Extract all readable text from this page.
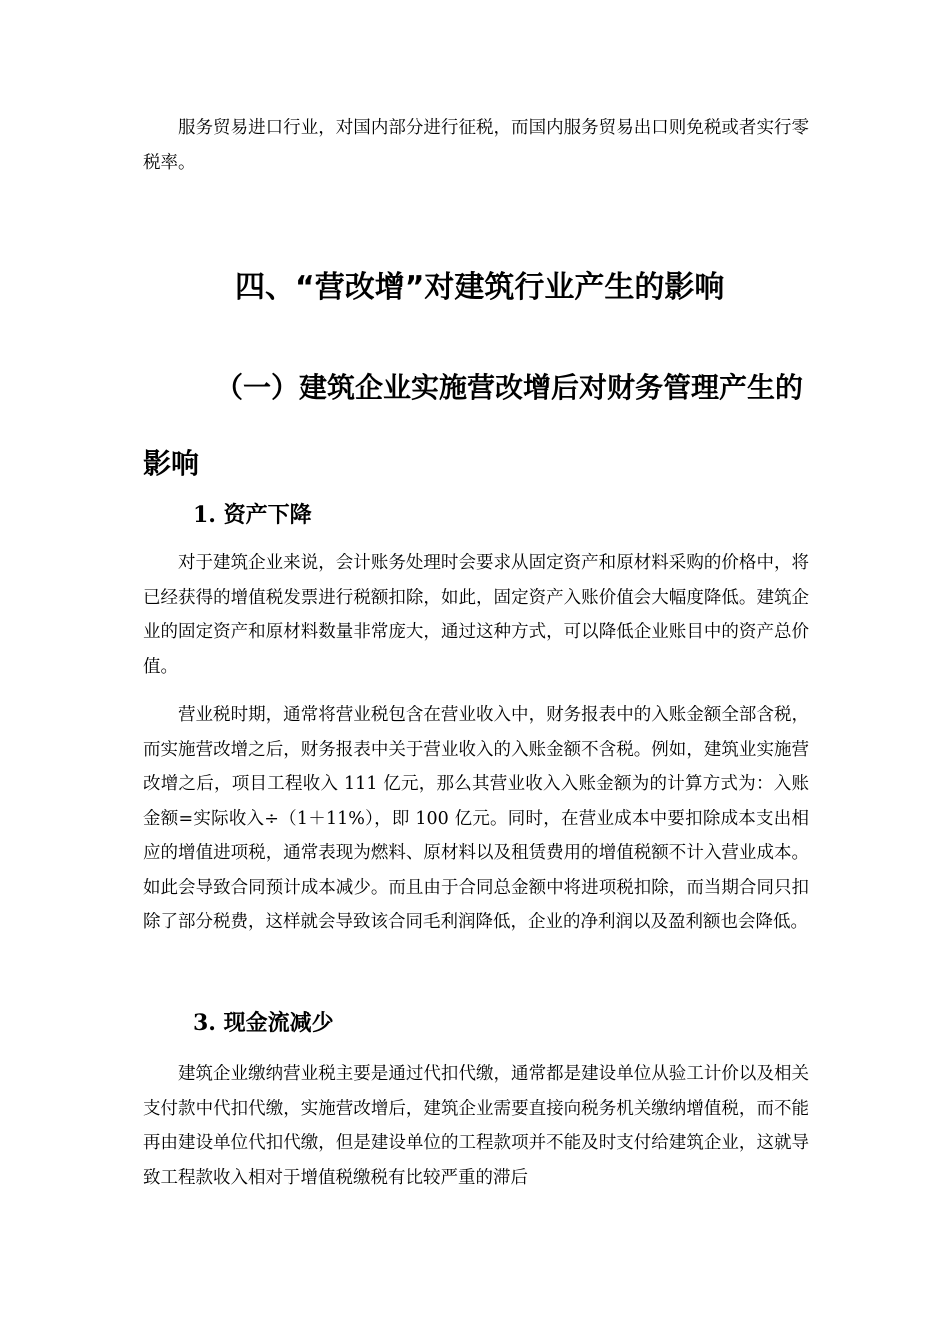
服务贸易进口行业，对国内部分进行征税，而国内服务贸易出口则免税或者实行零税率。

四、“营改增”对建筑行业产生的影响
（一）建筑企业实施营改增后对财务管理产生的影响
1. 资产下降

对于建筑企业来说，会计账务处理时会要求从固定资产和原材料采购的价格中，将已经获得的增值税发票进行税额扣除，如此，固定资产入账价值会大幅度降低。建筑企业的固定资产和原材料数量非常庞大，通过这种方式，可以降低企业账目中的资产总价值。

营业税时期，通常将营业税包含在营业收入中，财务报表中的入账金额全部含税，而实施营改增之后，财务报表中关于营业收入的入账金额不含税。例如，建筑业实施营改增之后，项目工程收入 111 亿元，那么其营业收入入账金额为的计算方式为：入账金额=实际收入÷（1＋11%），即 100 亿元。同时，在营业成本中要扣除成本支出相应的增值进项税，通常表现为燃料、原材料以及租赁费用的增值税额不计入营业成本。如此会导致合同预计成本减少。而且由于合同总金额中将进项税扣除，而当期合同只扣除了部分税费，这样就会导致该合同毛利润降低，企业的净利润以及盈利额也会降低。

3. 现金流减少

建筑企业缴纳营业税主要是通过代扣代缴，通常都是建设单位从验工计价以及相关支付款中代扣代缴，实施营改增后，建筑企业需要直接向税务机关缴纳增值税，而不能再由建设单位代扣代缴，但是建设单位的工程款项并不能及时支付给建筑企业，这就导致工程款收入相对于增值税缴税有比较严重的滞后
